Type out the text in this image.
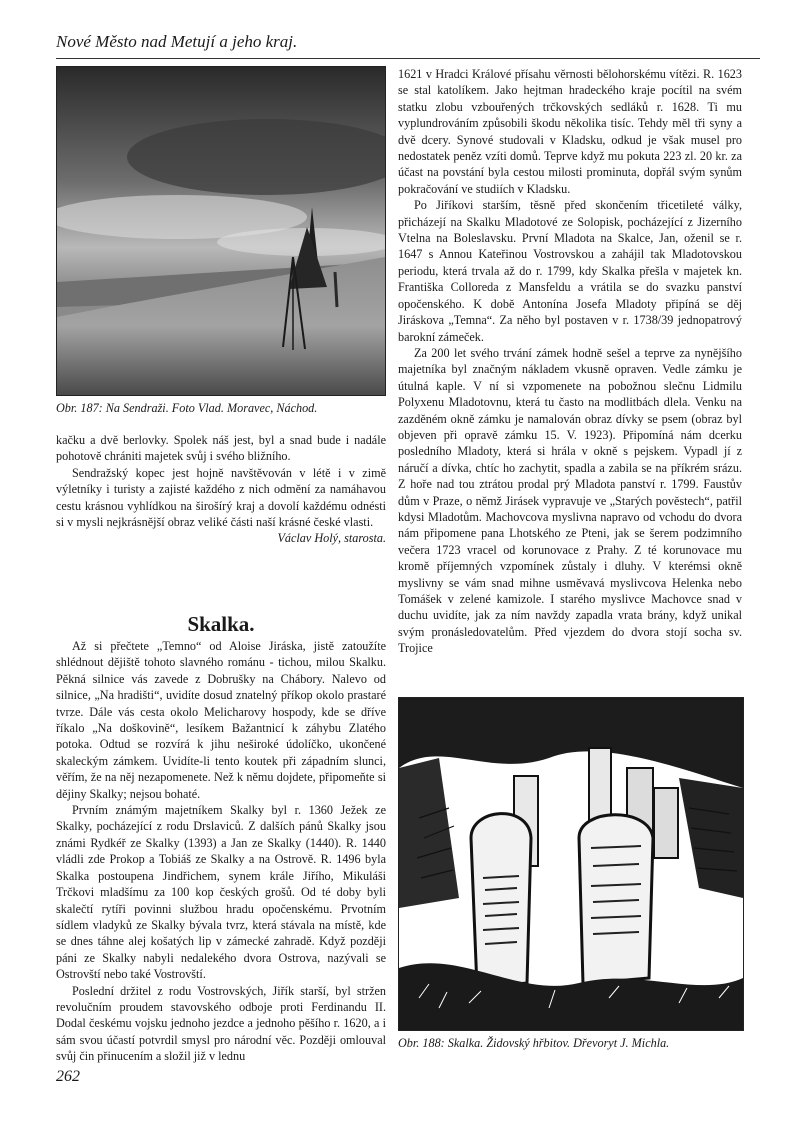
Nové Město nad Metují a jeho kraj.
Obr. 187: Na Sendraži. Foto Vlad. Moravec, Náchod.

kačku a dvě berlovky. Spolek náš jest, byl a snad bude i nadále pohotově chrániti majetek svůj i svého bližního.

Sendražský kopec jest hojně navštěvován v létě i v zimě výletníky i turisty a zajisté každého z nich odmění za namáhavou cestu krásnou vyhlídkou na širošírý kraj a dovolí každému odnésti si v mysli nejkrásnější obraz veliké části naší krásné české vlasti.

Václav Holý, starosta.

Skalka.

Až si přečtete „Temno“ od Aloise Jiráska, jistě zatoužíte shlédnout dějiště tohoto slavného románu - tichou, milou Skalku. Pěkná silnice vás zavede z Dobrušky na Chábory. Nalevo od silnice, „Na hradišti“, uvidíte dosud znatelný příkop okolo prastaré tvrze. Dále vás cesta okolo Melicharovy hospody, kde se dříve říkalo „Na doškovině“, lesíkem Bažantnicí k záhybu Zlatého potoka. Odtud se rozvírá k jihu neširoké údolíčko, ukončené skaleckým zámkem. Uvidíte-li tento koutek při západním slunci, věřím, že na něj nezapomenete. Než k němu dojdete, připomeňte si dějiny Skalky; nejsou bohaté.

Prvním známým majetníkem Skalky byl r. 1360 Ježek ze Skalky, pocházející z rodu Drslaviců. Z dalších pánů Skalky jsou známi Rydkéř ze Skalky (1393) a Jan ze Skalky (1440). R. 1440 vládli zde Prokop a Tobiáš ze Skalky a na Ostrově. R. 1496 byla Skalka postoupena Jindřichem, synem krále Jiřího, Mikuláši Trčkovi mladšímu za 100 kop českých grošů. Od té doby byli skalečtí rytíři povinni službou hradu opočenskému. Prvotním sídlem vladyků ze Skalky bývala tvrz, která stávala na místě, kde se dnes táhne alej košatých lip v zámecké zahradě. Když později páni ze Skalky nabyli nedalekého dvora Ostrova, nazývali se Ostrovští nebo také Vostrovští.

Poslední držitel z rodu Vostrovských, Jiřík starší, byl stržen revolučním proudem stavovského odboje proti Ferdinandu II. Dodal českému vojsku jednoho jezdce a jednoho pěšího r. 1620, a i sám svou účastí potvrdil smysl pro národní věc. Později omlouval svůj čin přinucením a složil již v lednu

1621 v Hradci Králové přísahu věrnosti bělohorskému vítězi. R. 1623 se stal katolíkem. Jako hejtman hradeckého kraje pocítil na svém statku zlobu vzbouřených trčkovských sedláků r. 1628. Ti mu vyplundrováním způsobili škodu několika tisíc. Tehdy měl tři syny a dvě dcery. Synové studovali v Kladsku, odkud je však musel pro nedostatek peněz vzíti domů. Teprve když mu pokuta 223 zl. 20 kr. za účast na povstání byla cestou milosti prominuta, dopřál svým synům pokračování ve studiích v Kladsku.

Po Jiříkovi starším, těsně před skončením třicetileté války, přicházejí na Skalku Mladotové ze Solopisk, pocházející z Jizerního Vtelna na Boleslavsku. První Mladota na Skalce, Jan, oženil se r. 1647 s Annou Kateřinou Vostrovskou a zahájil tak Mladotovskou periodu, která trvala až do r. 1799, kdy Skalka přešla v majetek kn. Františka Colloreda z Mansfeldu a vrátila se do svazku panství opočenského. K době Antonína Josefa Mladoty připíná se děj Jiráskova „Temna“. Za něho byl postaven v r. 1738/39 jednopatrový barokní zámeček.

Za 200 let svého trvání zámek hodně sešel a teprve za nynějšího majetníka byl značným nákladem vkusně opraven. Vedle zámku je útulná kaple. V ní si vzpomenete na pobožnou slečnu Lidmilu Polyxenu Mladotovnu, která tu často na modlitbách dlela. Venku na zazděném okně zámku je namalován obraz dívky se psem (obraz byl objeven při opravě zámku 15. V. 1923). Připomíná nám dcerku posledního Mladoty, která si hrála v okně s pejskem. Vypadl jí z náručí a dívka, chtíc ho zachytit, spadla a zabila se na příkrém srázu. Z hoře nad tou ztrátou prodal prý Mladota panství r. 1799. Faustův dům v Praze, o němž Jirásek vypravuje ve „Starých pověstech“, patřil kdysi Mladotům. Machovcova myslivna napravo od vchodu do dvora nám připomene pana Lhotského ze Pteni, jak se šerem podzimního večera 1723 vracel od korunovace z Prahy. Z té korunovace mu kromě příjemných vzpomínek zůstaly i dluhy. V kterémsi okně myslivny se vám snad mihne usměvavá myslivcova Helenka nebo Tomášek v zelené kamizole. I starého myslivce Machovce snad v duchu uvidíte, jak za ním navždy zapadla vrata brány, když unikal svým pronásledovatelům. Před vjezdem do dvora stojí socha sv. Trojice

Obr. 188: Skalka. Židovský hřbitov. Dřevoryt J. Michla.
262
